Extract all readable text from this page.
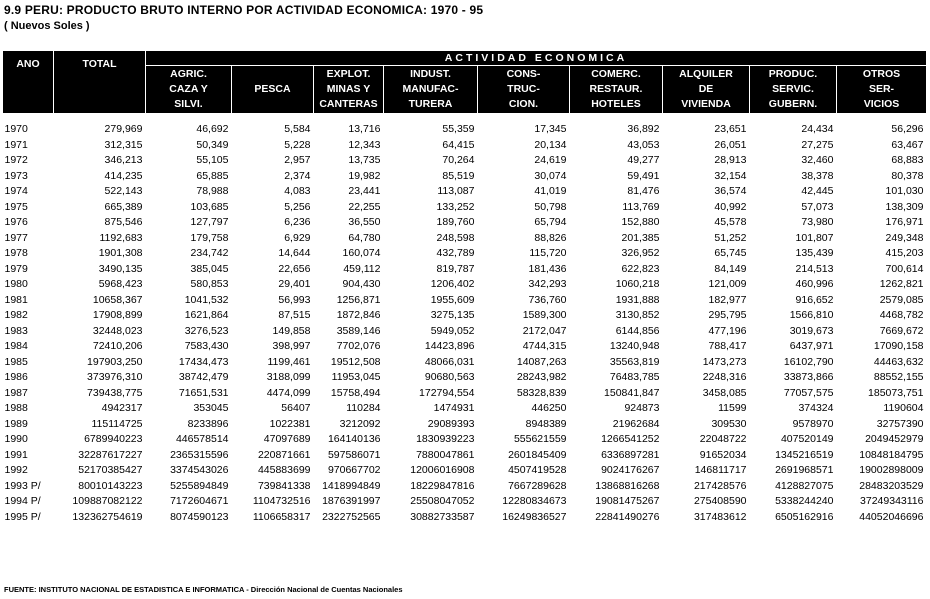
9.9 PERU: PRODUCTO BRUTO INTERNO POR ACTIVIDAD ECONOMICA: 1970 - 95
( Nuevos Soles )
ANO	TOTAL	ACTIVIDAD ECONOMICA								

		AGRIC.
CAZA Y
SILVI.	PESCA	EXPLOT.
MINAS Y
CANTERAS	INDUST.
MANUFAC-
TURERA	CONS-
TRUC-
CION.	COMERC.
RESTAUR.
HOTELES	ALQUILER
DE
VIVIENDA	PRODUC.
SERVIC.
GUBERN.	OTROS
SER-
VICIOS

1970	279,969	46,692	5,584	13,716	55,359	17,345	36,892	23,651	24,434	56,296
1971	312,315	50,349	5,228	12,343	64,415	20,134	43,053	26,051	27,275	63,467
1972	346,213	55,105	2,957	13,735	70,264	24,619	49,277	28,913	32,460	68,883
1973	414,235	65,885	2,374	19,982	85,519	30,074	59,491	32,154	38,378	80,378
1974	522,143	78,988	4,083	23,441	113,087	41,019	81,476	36,574	42,445	101,030
1975	665,389	103,685	5,256	22,255	133,252	50,798	113,769	40,992	57,073	138,309
1976	875,546	127,797	6,236	36,550	189,760	65,794	152,880	45,578	73,980	176,971
1977	1192,683	179,758	6,929	64,780	248,598	88,826	201,385	51,252	101,807	249,348
1978	1901,308	234,742	14,644	160,074	432,789	115,720	326,952	65,745	135,439	415,203
1979	3490,135	385,045	22,656	459,112	819,787	181,436	622,823	84,149	214,513	700,614
1980	5968,423	580,853	29,401	904,430	1206,402	342,293	1060,218	121,009	460,996	1262,821
1981	10658,367	1041,532	56,993	1256,871	1955,609	736,760	1931,888	182,977	916,652	2579,085
1982	17908,899	1621,864	87,515	1872,846	3275,135	1589,300	3130,852	295,795	1566,810	4468,782
1983	32448,023	3276,523	149,858	3589,146	5949,052	2172,047	6144,856	477,196	3019,673	7669,672
1984	72410,206	7583,430	398,997	7702,076	14423,896	4744,315	13240,948	788,417	6437,971	17090,158
1985	197903,250	17434,473	1199,461	19512,508	48066,031	14087,263	35563,819	1473,273	16102,790	44463,632
1986	373976,310	38742,479	3188,099	11953,045	90680,563	28243,982	76483,785	2248,316	33873,866	88552,155
1987	739438,775	71651,531	4474,099	15758,494	172794,554	58328,839	150841,847	3458,085	77057,575	185073,751
1988	4942317	353045	56407	110284	1474931	446250	924873	11599	374324	1190604
1989	115114725	8233896	1022381	3212092	29089393	8948389	21962684	309530	9578970	32757390
1990	6789940223	446578514	47097689	164140136	1830939223	555621559	1266541252	22048722	407520149	2049452979
1991	32287617227	2365315596	220871661	597586071	7880047861	2601845409	6336897281	91652034	1345216519	10848184795
1992	52170385427	3374543026	445883699	970667702	12006016908	4507419528	9024176267	146811717	2691968571	19002898009
1993 P/	80010143223	5255894849	739841338	1418994849	18229847816	7667289628	13868816268	217428576	4128827075	28483203529
1994 P/	109887082122	7172604671	1104732516	1876391997	25508047052	12280834673	19081475267	275408590	5338244240	37249343116
1995 P/	132362754619	8074590123	1106658317	2322752565	30882733587	16249836527	22841490276	317483612	6505162916	44052046696
FUENTE: INSTITUTO NACIONAL DE ESTADISTICA E INFORMATICA - Dirección Nacional de Cuentas Nacionales
